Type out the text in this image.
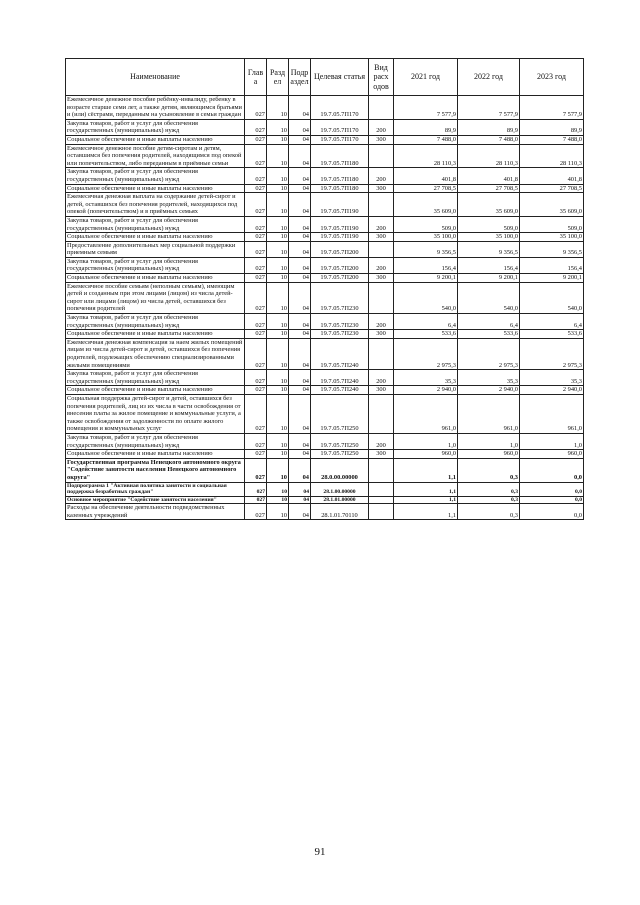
Наименование	Глав а	Разд ел	Подр аздел	Целевая статья	Вид расх одов	2021 год	2022 год	2023 год
Ежемесячное денежное пособие ребёнку-инвалиду, ребенку в возрасте старше семи лет, а также детям, являющимся братьями и (или) сёстрами, переданным на усыновление в семьи граждан	027	10	04	19.7.05.7П170		7 577,9	7 577,9	7 577,9
Закупка товаров, работ и услуг для обеспечения государственных (муниципальных) нужд	027	10	04	19.7.05.7П170	200	89,9	89,9	89,9
Социальное обеспечение и иные выплаты населению	027	10	04	19.7.05.7П170	300	7 488,0	7 488,0	7 488,0
Ежемесячное денежное пособие детям-сиротам и детям, оставшимся без попечения родителей, находящимся под опекой или попечительством, либо переданным в приёмные семьи	027	10	04	19.7.05.7П180		28 110,3	28 110,3	28 110,3
Закупка товаров, работ и услуг для обеспечения государственных (муниципальных) нужд	027	10	04	19.7.05.7П180	200	401,8	401,8	401,8
Социальное обеспечение и иные выплаты населению	027	10	04	19.7.05.7П180	300	27 708,5	27 708,5	27 708,5
Ежемесячная денежная выплата на содержание детей-сирот и детей, оставшихся без попечения родителей, находящихся под опекой (попечительством) и в приёмных семьях	027	10	04	19.7.05.7П190		35 609,0	35 609,0	35 609,0
Закупка товаров, работ и услуг для обеспечения государственных (муниципальных) нужд	027	10	04	19.7.05.7П190	200	509,0	509,0	509,0
Социальное обеспечение и иные выплаты населению	027	10	04	19.7.05.7П190	300	35 100,0	35 100,0	35 100,0
Предоставление дополнительных мер социальной поддержки приемным семьям	027	10	04	19.7.05.7П200		9 356,5	9 356,5	9 356,5
Закупка товаров, работ и услуг для обеспечения государственных (муниципальных) нужд	027	10	04	19.7.05.7П200	200	156,4	156,4	156,4
Социальное обеспечение и иные выплаты населению	027	10	04	19.7.05.7П200	300	9 200,1	9 200,1	9 200,1
Ежемесячное пособие семьям (неполным семьям), имеющим детей и созданным при этом лицами (лицом) из числа детей-сирот или лицами (лицом) из числа детей, оставшихся без попечения родителей	027	10	04	19.7.05.7П230		540,0	540,0	540,0
Закупка товаров, работ и услуг для обеспечения государственных (муниципальных) нужд	027	10	04	19.7.05.7П230	200	6,4	6,4	6,4
Социальное обеспечение и иные выплаты населению	027	10	04	19.7.05.7П230	300	533,6	533,6	533,6
Ежемесячная денежная компенсация за наем жилых помещений лицам из числа детей-сирот и детей, оставшихся без попечения родителей, подлежащих обеспечению специализированными жилыми помещениями	027	10	04	19.7.05.7П240		2 975,3	2 975,3	2 975,3
Закупка товаров, работ и услуг для обеспечения государственных (муниципальных) нужд	027	10	04	19.7.05.7П240	200	35,3	35,3	35,3
Социальное обеспечение и иные выплаты населению	027	10	04	19.7.05.7П240	300	2 940,0	2 940,0	2 940,0
Социальная поддержка детей-сирот и детей, оставшихся без попечения родителей, лиц из их числа в части освобождения от внесения платы за жилое помещение и коммунальные услуги, а также освобождения от задолженности по оплате жилого помещения и коммунальных услуг	027	10	04	19.7.05.7П250		961,0	961,0	961,0
Закупка товаров, работ и услуг для обеспечения государственных (муниципальных) нужд	027	10	04	19.7.05.7П250	200	1,0	1,0	1,0
Социальное обеспечение и иные выплаты населению	027	10	04	19.7.05.7П250	300	960,0	960,0	960,0
Государственная программа Ненецкого автономного округа "Содействие занятости населения Ненецкого автономного округа"	027	10	04	28.0.00.00000		1,1	0,3	0,0
Подпрограмма 1 "Активная политика занятости и социальная поддержка безработных граждан"	027	10	04	28.1.00.00000		1,1	0,3	0,0
Основное мероприятие "Содействие занятости населения"	027	10	04	28.1.01.00000		1,1	0,3	0,0
Расходы на обеспечение деятельности подведомственных казенных учреждений	027	10	04	28.1.01.70110		1,1	0,3	0,0
91
